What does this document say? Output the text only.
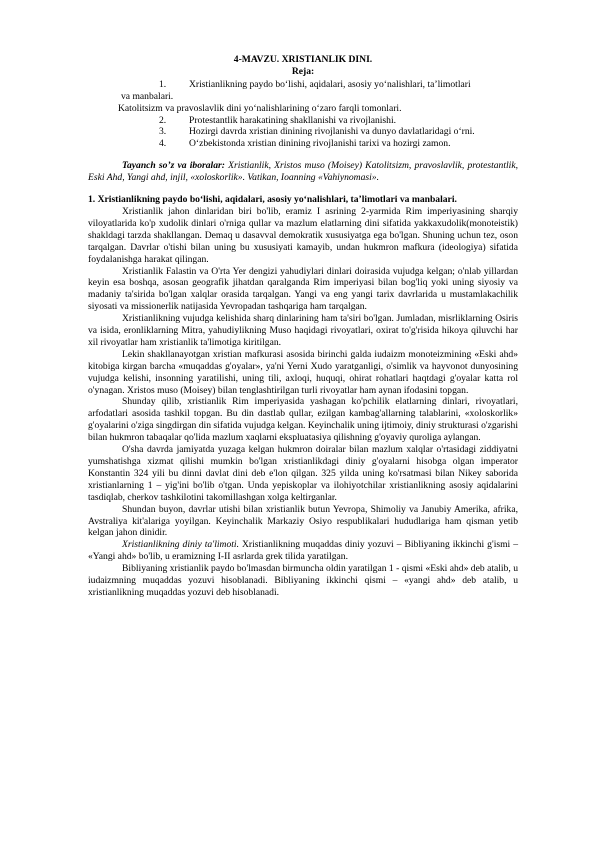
4-MAVZU. XRISTIANLIK DINI.

Reja:

1. Xristianlikning paydo bo‘lishi, aqidalari, asosiy yo‘nalishlari, ta’limotlari
va manbalari.
Katolitsizm va pravoslavlik dini yo‘nalishlarining o‘zaro farqli tomonlari.
2. Protestantlik harakatining shakllanishi va rivojlanishi.
3. Hozirgi davrda xristian dinining rivojlanishi va dunyo davlatlaridagi o‘rni.
4. O‘zbekistonda xristian dinining rivojlanishi tarixi va hozirgi zamon.

Tayanch so’z va iboralar: Xristianlik, Xristos muso (Moisey) Katolitsizm, pravoslavlik, protestantlik, Eski Ahd, Yangi ahd, injil, «xoloskorlik». Vatikan, Ioanning «Vahiynomasi».

1. Xristianlikning paydo bo‘lishi, aqidalari, asosiy yo‘nalishlari, ta’limotlari va manbalari.

Xristianlik jahon dinlaridan biri bo'lib, eramiz I asrining 2-yarmida Rim imperiyasining sharqiy viloyatlarida ko'p xudolik dinlari o'rniga qullar va mazlum elatlarning dini sifatida yakkaxudolik(monoteistik) shakldagi tarzda shakllangan. Demaq u dasavval demokratik xususiyatga ega bo'lgan. Shuning uchun tez, oson tarqalgan. Davrlar o'tishi bilan uning bu xususiyati kamayib, undan hukmron mafkura (ideologiya) sifatida foydalanishga harakat qilingan.

Xristianlik Falastin va O'rta Yer dengizi yahudiylari dinlari doirasida vujudga kelgan; o'nlab yillardan keyin esa boshqa, asosan geografik jihatdan qaralganda Rim imperiyasi bilan bog'liq yoki uning siyosiy va madaniy ta'sirida bo'lgan xalqlar orasida tarqalgan. Yangi va eng yangi tarix davrlarida u mustamlakachilik siyosati va missionerlik natijasida Yevropadan tashqariga ham tarqalgan.

Xristianlikning vujudga kelishida sharq dinlarining ham ta'siri bo'lgan. Jumladan, misrliklarning Osiris va isida, eronliklarning Mitra, yahudiylikning Muso haqidagi rivoyatlari, oxirat to'g'risida hikoya qiluvchi har xil rivoyatlar ham xristianlik ta'limotiga kiritilgan.

Lekin shakllanayotgan xristian mafkurasi asosida birinchi galda iudaizm monoteizmining «Eski ahd» kitobiga kirgan barcha «muqaddas g'oyalar», ya'ni Yerni Xudo yaratganligi, o'simlik va hayvonot dunyosining vujudga kelishi, insonning yaratilishi, uning tili, axloqi, huquqi, ohirat rohatlari haqtdagi g'oyalar katta rol o'ynagan. Xristos muso (Moisey) bilan tenglashtirilgan turli rivoyatlar ham aynan ifodasini topgan.

Shunday qilib, xristianlik Rim imperiyasida yashagan ko'pchilik elatlarning dinlari, rivoyatlari, arfodatlari asosida tashkil topgan. Bu din dastlab qullar, ezilgan kambag'allarning talablarini, «xoloskorlik» g'oyalarini o'ziga singdirgan din sifatida vujudga kelgan. Keyinchalik uning ijtimoiy, diniy strukturasi o'zgarishi bilan hukmron tabaqalar qo'lida mazlum xaqlarni ekspluatasiya qilishning g'oyaviy quroliga aylangan.

O'sha davrda jamiyatda yuzaga kelgan hukmron doiralar bilan mazlum xalqlar o'rtasidagi ziddiyatni yumshatishga xizmat qilishi mumkin bo'lgan xristianlikdagi diniy g'oyalarni hisobga olgan imperator Konstantin 324 yili bu dinni davlat dini deb e'lon qilgan. 325 yilda uning ko'rsatmasi bilan Nikey saborida xristianlarning 1 – yig'ini bo'lib o'tgan. Unda yepiskoplar va ilohiyotchilar xristianlikning asosiy aqidalarini tasdiqlab, cherkov tashkilotini takomillashgan xolga keltirganlar.

Shundan buyon, davrlar utishi bilan xristianlik butun Yevropa, Shimoliy va Janubiy Amerika, afrika, Avstraliya kit'alariga yoyilgan. Keyinchalik Markaziy Osiyo respublikalari hududlariga ham qisman yetib kelgan jahon dinidir.

Xristianlikning diniy ta'limoti. Xristianlikning muqaddas diniy yozuvi – Bibliyaning ikkinchi g'ismi – «Yangi ahd» bo'lib, u eramizning I-II asrlarda grek tilida yaratilgan.

Bibliyaning xristianlik paydo bo'lmasdan birmuncha oldin yaratilgan 1 - qismi «Eski ahd» deb atalib, u iudaizmning muqaddas yozuvi hisoblanadi. Bibliyaning ikkinchi qismi – «yangi ahd» deb atalib, u xristianlikning muqaddas yozuvi deb hisoblanadi.
